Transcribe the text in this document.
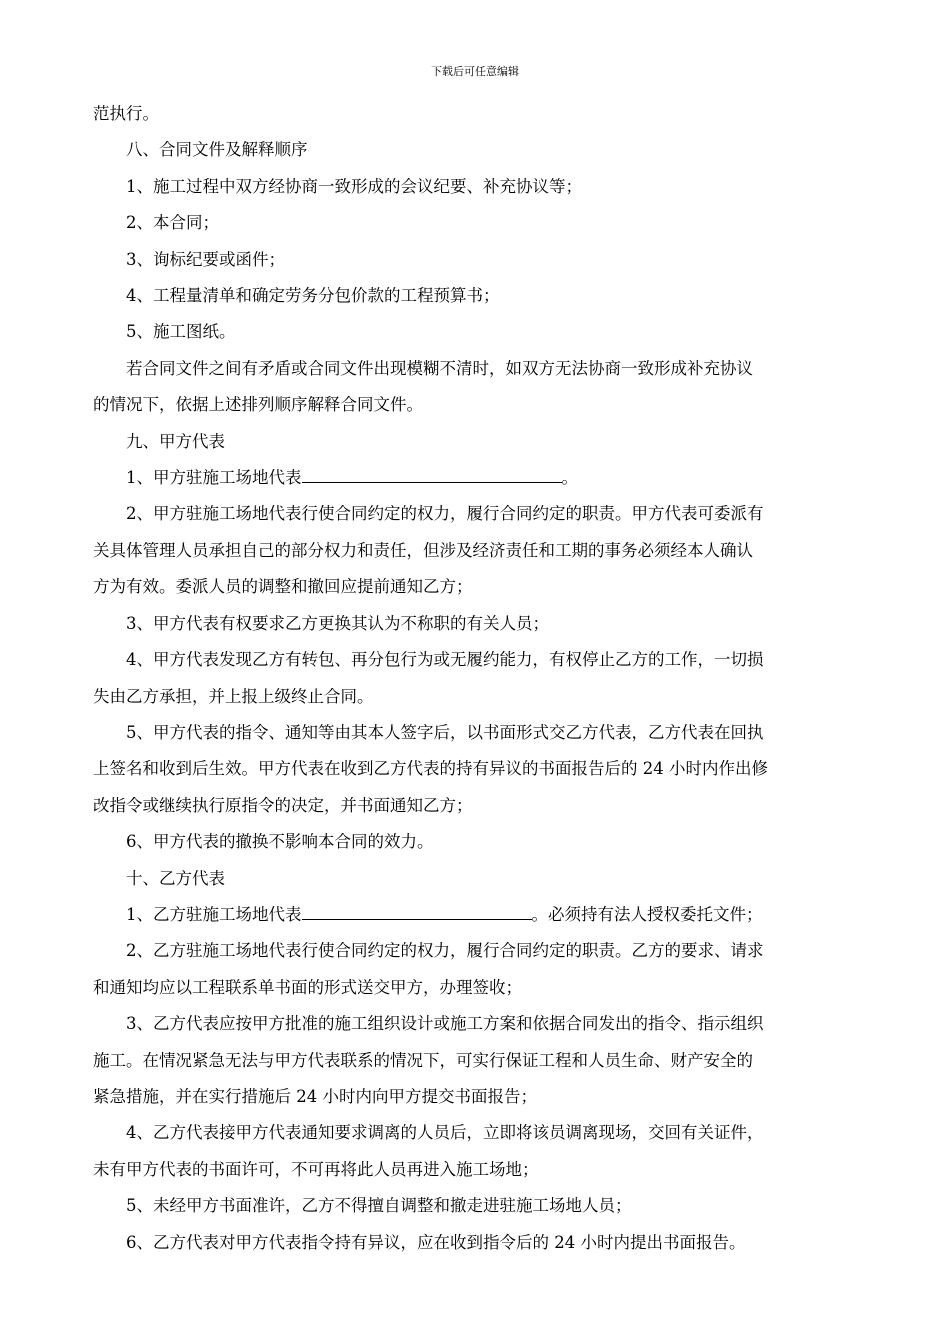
下载后可任意编辑
范执行。
八、合同文件及解释顺序
1、施工过程中双方经协商一致形成的会议纪要、补充协议等；
2、本合同；
3、询标纪要或函件；
4、工程量清单和确定劳务分包价款的工程预算书；
5、施工图纸。
若合同文件之间有矛盾或合同文件出现模糊不清时，如双方无法协商一致形成补充协议
的情况下，依据上述排列顺序解释合同文件。
九、甲方代表
1、甲方驻施工场地代表	。
2、甲方驻施工场地代表行使合同约定的权力，履行合同约定的职责。甲方代表可委派有
关具体管理人员承担自己的部分权力和责任，但涉及经济责任和工期的事务必须经本人确认
方为有效。委派人员的调整和撤回应提前通知乙方；
3、甲方代表有权要求乙方更换其认为不称职的有关人员；
4、甲方代表发现乙方有转包、再分包行为或无履约能力，有权停止乙方的工作，一切损
失由乙方承担，并上报上级终止合同。
5、甲方代表的指令、通知等由其本人签字后，以书面形式交乙方代表，乙方代表在回执
上签名和收到后生效。甲方代表在收到乙方代表的持有异议的书面报告后的 24 小时内作出修
改指令或继续执行原指令的决定，并书面通知乙方；
6、甲方代表的撤换不影响本合同的效力。
十、乙方代表
1、乙方驻施工场地代表	。必须持有法人授权委托文件；
2、乙方驻施工场地代表行使合同约定的权力，履行合同约定的职责。乙方的要求、请求
和通知均应以工程联系单书面的形式送交甲方，办理签收；
3、乙方代表应按甲方批准的施工组织设计或施工方案和依据合同发出的指令、指示组织
施工。在情况紧急无法与甲方代表联系的情况下，可实行保证工程和人员生命、财产安全的
紧急措施，并在实行措施后 24 小时内向甲方提交书面报告；
4、乙方代表接甲方代表通知要求调离的人员后，立即将该员调离现场，交回有关证件，
未有甲方代表的书面许可，不可再将此人员再进入施工场地；
5、未经甲方书面准许，乙方不得擅自调整和撤走进驻施工场地人员；
6、乙方代表对甲方代表指令持有异议，应在收到指令后的 24 小时内提出书面报告。
